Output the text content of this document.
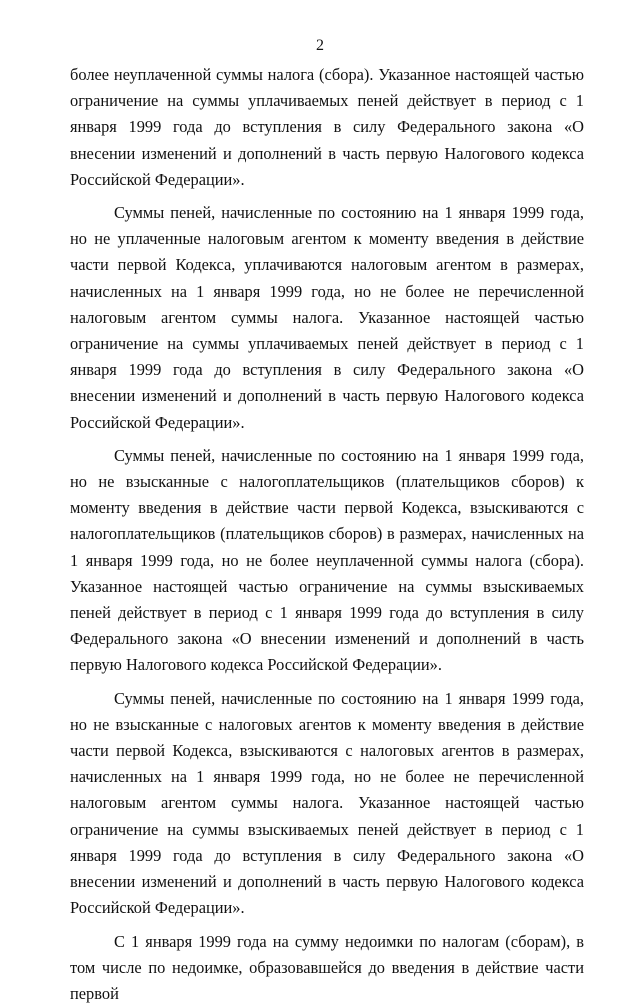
2

более неуплаченной суммы налога (сбора). Указанное настоящей частью ограничение на суммы уплачиваемых пеней действует в период с 1 января 1999 года до вступления в силу Федерального закона «О внесении изменений и дополнений в часть первую Налогового кодекса Российской Федерации».

Суммы пеней, начисленные по состоянию на 1 января 1999 года, но не уплаченные налоговым агентом к моменту введения в действие части первой Кодекса, уплачиваются налоговым агентом в размерах, начисленных на 1 января 1999 года, но не более не перечисленной налоговым агентом суммы налога. Указанное настоящей частью ограничение на суммы уплачиваемых пеней действует в период с 1 января 1999 года до вступления в силу Федерального закона «О внесении изменений и дополнений в часть первую Налогового кодекса Российской Федерации».

Суммы пеней, начисленные по состоянию на 1 января 1999 года, но не взысканные с налогоплательщиков (плательщиков сборов) к моменту введения в действие части первой Кодекса, взыскиваются с налогоплательщиков (плательщиков сборов) в размерах, начисленных на 1 января 1999 года, но не более неуплаченной суммы налога (сбора). Указанное настоящей частью ограничение на суммы взыскиваемых пеней действует в период с 1 января 1999 года до вступления в силу Федерального закона «О внесении изменений и дополнений в часть первую Налогового кодекса Российской Федерации».

Суммы пеней, начисленные по состоянию на 1 января 1999 года, но не взысканные с налоговых агентов к моменту введения в действие части первой Кодекса, взыскиваются с налоговых агентов в размерах, начисленных на 1 января 1999 года, но не более не перечисленной налоговым агентом суммы налога. Указанное настоящей частью ограничение на суммы взыскиваемых пеней действует в период с 1 января 1999 года до вступления в силу Федерального закона «О внесении изменений и дополнений в часть первую Налогового кодекса Российской Федерации».

С 1 января 1999 года на сумму недоимки по налогам (сборам), в том числе по недоимке, образовавшейся до введения в действие части первой
